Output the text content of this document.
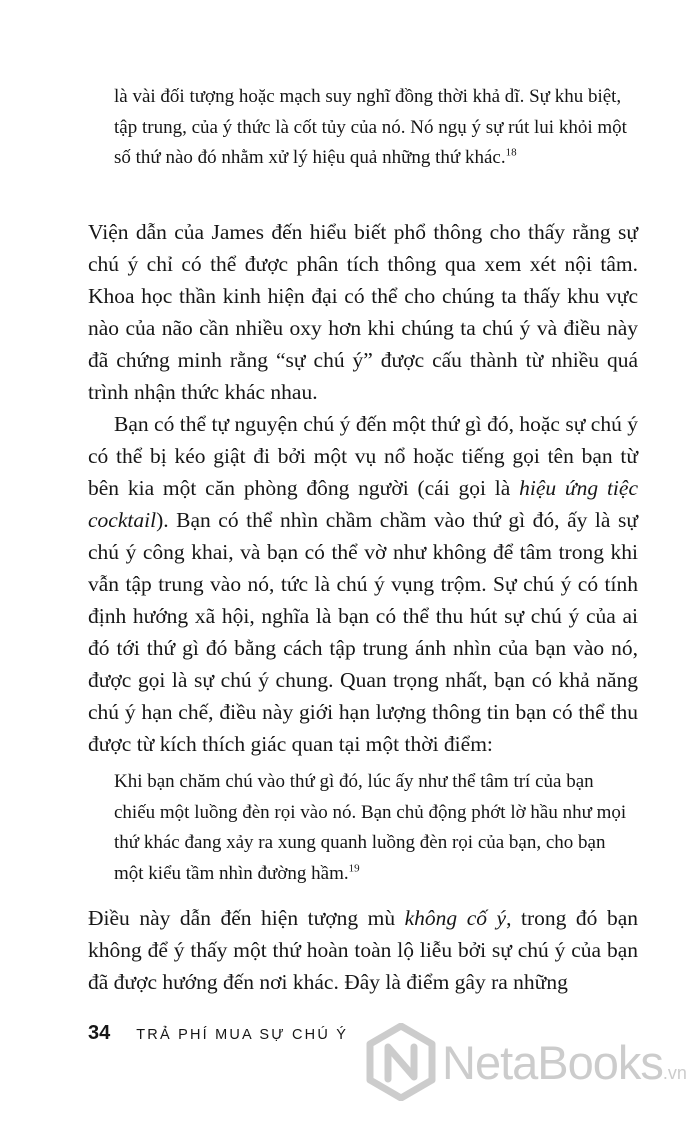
là vài đối tượng hoặc mạch suy nghĩ đồng thời khả dĩ. Sự khu biệt, tập trung, của ý thức là cốt tủy của nó. Nó ngụ ý sự rút lui khỏi một số thứ nào đó nhằm xử lý hiệu quả những thứ khác.$^{18}$

Viện dẫn của James đến hiểu biết phổ thông cho thấy rằng sự chú ý chỉ có thể được phân tích thông qua xem xét nội tâm. Khoa học thần kinh hiện đại có thể cho chúng ta thấy khu vực nào của não cần nhiều oxy hơn khi chúng ta chú ý và điều này đã chứng minh rằng “sự chú ý” được cấu thành từ nhiều quá trình nhận thức khác nhau.

Bạn có thể tự nguyện chú ý đến một thứ gì đó, hoặc sự chú ý có thể bị kéo giật đi bởi một vụ nổ hoặc tiếng gọi tên bạn từ bên kia một căn phòng đông người (cái gọi là hiệu ứng tiệc cocktail). Bạn có thể nhìn chầm chầm vào thứ gì đó, ấy là sự chú ý công khai, và bạn có thể vờ như không để tâm trong khi vẫn tập trung vào nó, tức là chú ý vụng trộm. Sự chú ý có tính định hướng xã hội, nghĩa là bạn có thể thu hút sự chú ý của ai đó tới thứ gì đó bằng cách tập trung ánh nhìn của bạn vào nó, được gọi là sự chú ý chung. Quan trọng nhất, bạn có khả năng chú ý hạn chế, điều này giới hạn lượng thông tin bạn có thể thu được từ kích thích giác quan tại một thời điểm:

Khi bạn chăm chú vào thứ gì đó, lúc ấy như thể tâm trí của bạn chiếu một luồng đèn rọi vào nó. Bạn chủ động phớt lờ hầu như mọi thứ khác đang xảy ra xung quanh luồng đèn rọi của bạn, cho bạn một kiểu tầm nhìn đường hầm.$^{19}$

Điều này dẫn đến hiện tượng mù không cố ý, trong đó bạn không để ý thấy một thứ hoàn toàn lộ liễu bởi sự chú ý của bạn đã được hướng đến nơi khác. Đây là điểm gây ra những

34 TRẢ PHÍ MUA SỰ CHÚ Ý
NetaBooks.vn
